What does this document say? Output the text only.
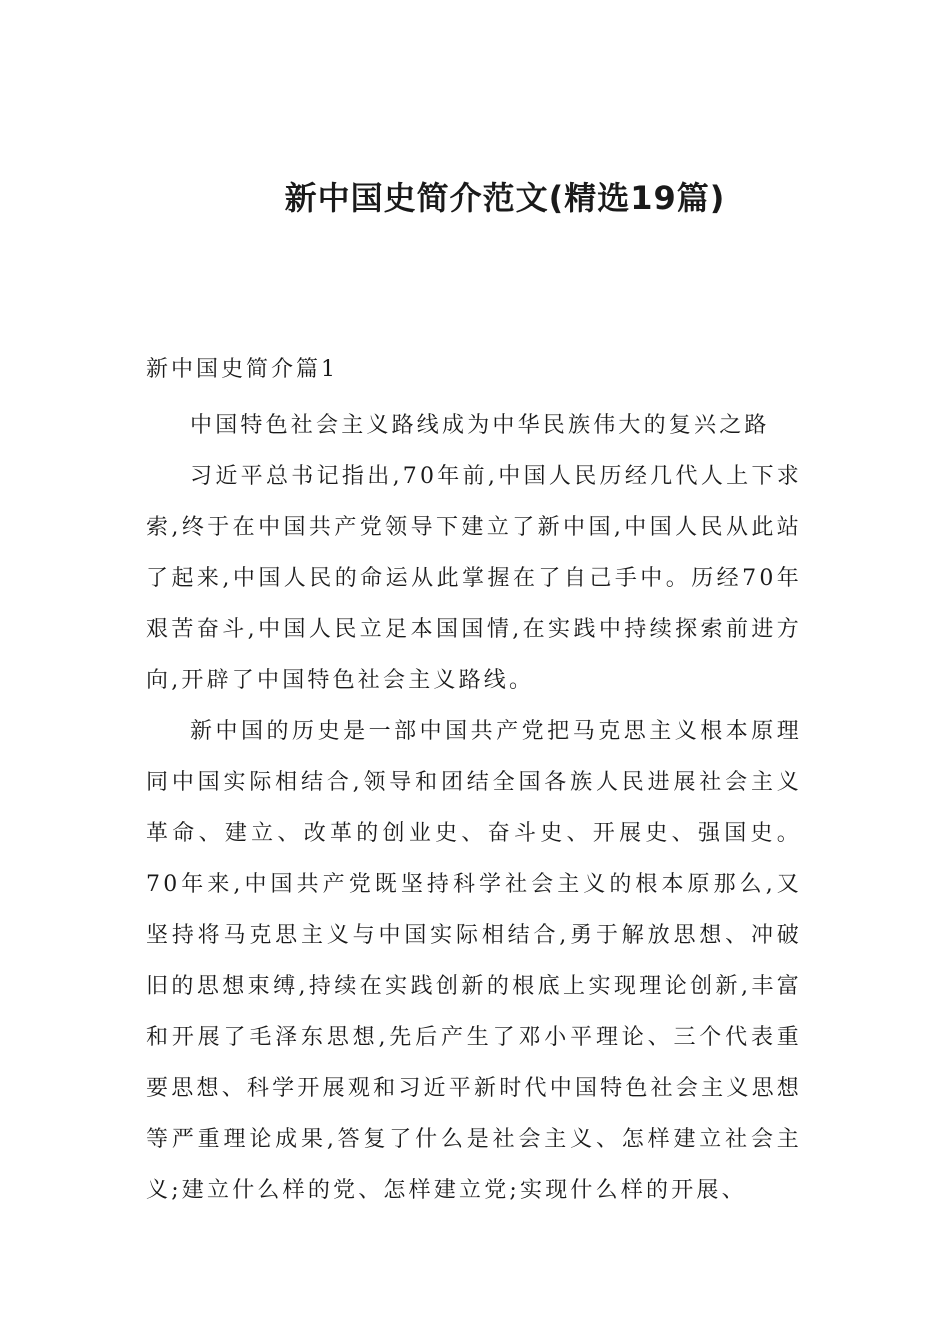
新中国史简介范文(精选19篇)
新中国史简介篇1

中国特色社会主义路线成为中华民族伟大的复兴之路

习近平总书记指出,70年前,中国人民历经几代人上下求索,终于在中国共产党领导下建立了新中国,中国人民从此站了起来,中国人民的命运从此掌握在了自己手中。历经70年艰苦奋斗,中国人民立足本国国情,在实践中持续探索前进方向,开辟了中国特色社会主义路线。

新中国的历史是一部中国共产党把马克思主义根本原理同中国实际相结合,领导和团结全国各族人民进展社会主义革命、建立、改革的创业史、奋斗史、开展史、强国史。70年来,中国共产党既坚持科学社会主义的根本原那么,又坚持将马克思主义与中国实际相结合,勇于解放思想、冲破旧的思想束缚,持续在实践创新的根底上实现理论创新,丰富和开展了毛泽东思想,先后产生了邓小平理论、三个代表重要思想、科学开展观和习近平新时代中国特色社会主义思想等严重理论成果,答复了什么是社会主义、怎样建立社会主义;建立什么样的党、怎样建立党;实现什么样的开展、
